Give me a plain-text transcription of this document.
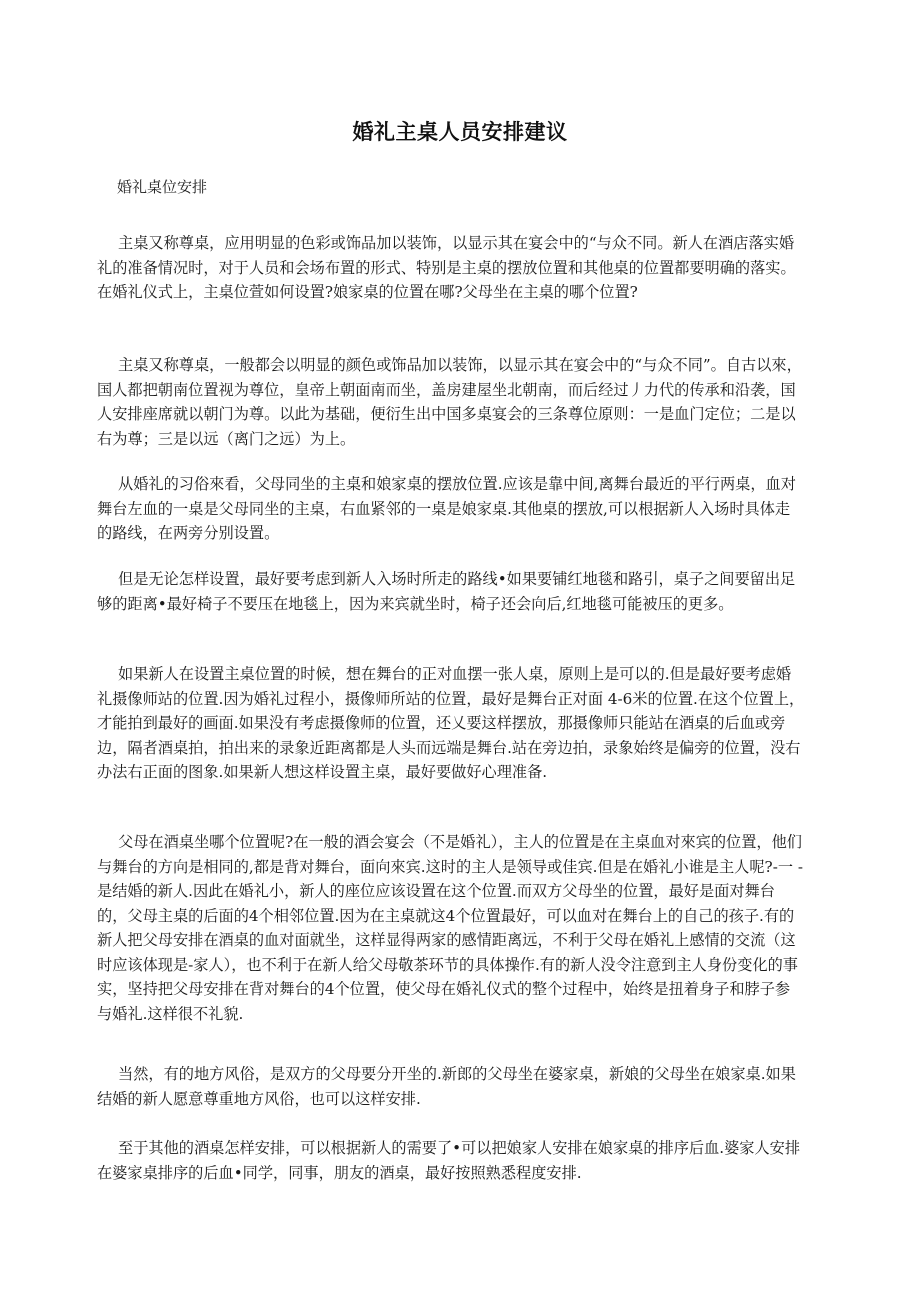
婚礼主桌人员安排建议
婚礼桌位安排

主桌又称尊桌，应用明显的色彩或饰品加以装饰，以显示其在宴会中的“与众不同。新人在酒店落实婚礼的准备情况时，对于人员和会场布置的形式、特别是主桌的摆放位置和其他桌的位置都要明确的落实。在婚礼仪式上，主桌位萱如何设置?娘家桌的位置在哪?父母坐在主桌的哪个位置?

主桌又称尊桌，一般都会以明显的颜色或饰品加以装饰，以显示其在宴会中的“与众不同”。自古以來，国人都把朝南位置视为尊位，皇帝上朝面南而坐，盖房建屋坐北朝南，而后经过丿力代的传承和沿袭，国人安排座席就以朝门为尊。以此为基础，便衍生出中国多桌宴会的三条尊位原则：一是血门定位；二是以右为尊；三是以远（离门之远）为上。

从婚礼的习俗來看，父母同坐的主桌和娘家桌的摆放位置.应该是靠中间,离舞台最近的平行两桌，血对舞台左血的一桌是父母同坐的主桌，右血紧邻的一桌是娘家桌.其他桌的摆放,可以根据新人入场时具体走的路线，在两旁分别设置。

但是无论怎样设置，最好要考虑到新人入场时所走的路线•如果要铺红地毯和路引，桌子之间要留出足够的距离•最好椅子不要压在地毯上，因为来宾就坐时，椅子还会向后,红地毯可能被压的更多。

如果新人在设置主桌位置的时候，想在舞台的正对血摆一张人桌，原则上是可以的.但是最好要考虑婚礼摄像师站的位置.因为婚礼过程小，摄像师所站的位置，最好是舞台正对面 4-6米的位置.在这个位置上，才能拍到最好的画面.如果没有考虑摄像师的位置，还乂要这样摆放，那摄像师只能站在酒桌的后血或旁边，隔者酒桌拍，拍出来的录象近距离都是人头而远端是舞台.站在旁边拍，录象始终是偏旁的位置，没右办法右正面的图象.如果新人想这样设置主桌，最好要做好心理准备.

父母在酒桌坐哪个位置呢?在一般的酒会宴会（不是婚礼），主人的位置是在主桌血对來宾的位置，他们与舞台的方向是相同的,都是背对舞台，面向來宾.这时的主人是领导或佳宾.但是在婚礼小谁是主人呢?-一 -是结婚的新人.因此在婚礼小，新人的座位应该设置在这个位置.而双方父母坐的位置，最好是面对舞台的，父母主桌的后面的4个相邻位置.因为在主桌就这4个位置最好，可以血对在舞台上的自己的孩子.有的新人把父母安排在酒桌的血对面就坐，这样显得两家的感情距离远，不利于父母在婚礼上感情的交流（这时应该体现是-家人），也不利于在新人给父母敬茶环节的具体操作.有的新人没令注意到主人身份变化的事实，坚持把父母安排在背对舞台的4个位置，使父母在婚礼仪式的整个过程中，始终是扭着身子和脖子参与婚礼.这样很不礼貌.

当然，有的地方风俗，是双方的父母要分开坐的.新郎的父母坐在婆家桌，新娘的父母坐在娘家桌.如果结婚的新人愿意尊重地方风俗，也可以这样安排.

至于其他的酒桌怎样安排，可以根据新人的需要了•可以把娘家人安排在娘家桌的排序后血.婆家人安排在婆家桌排序的后血•同学，同事，朋友的酒桌，最好按照熟悉程度安排.
